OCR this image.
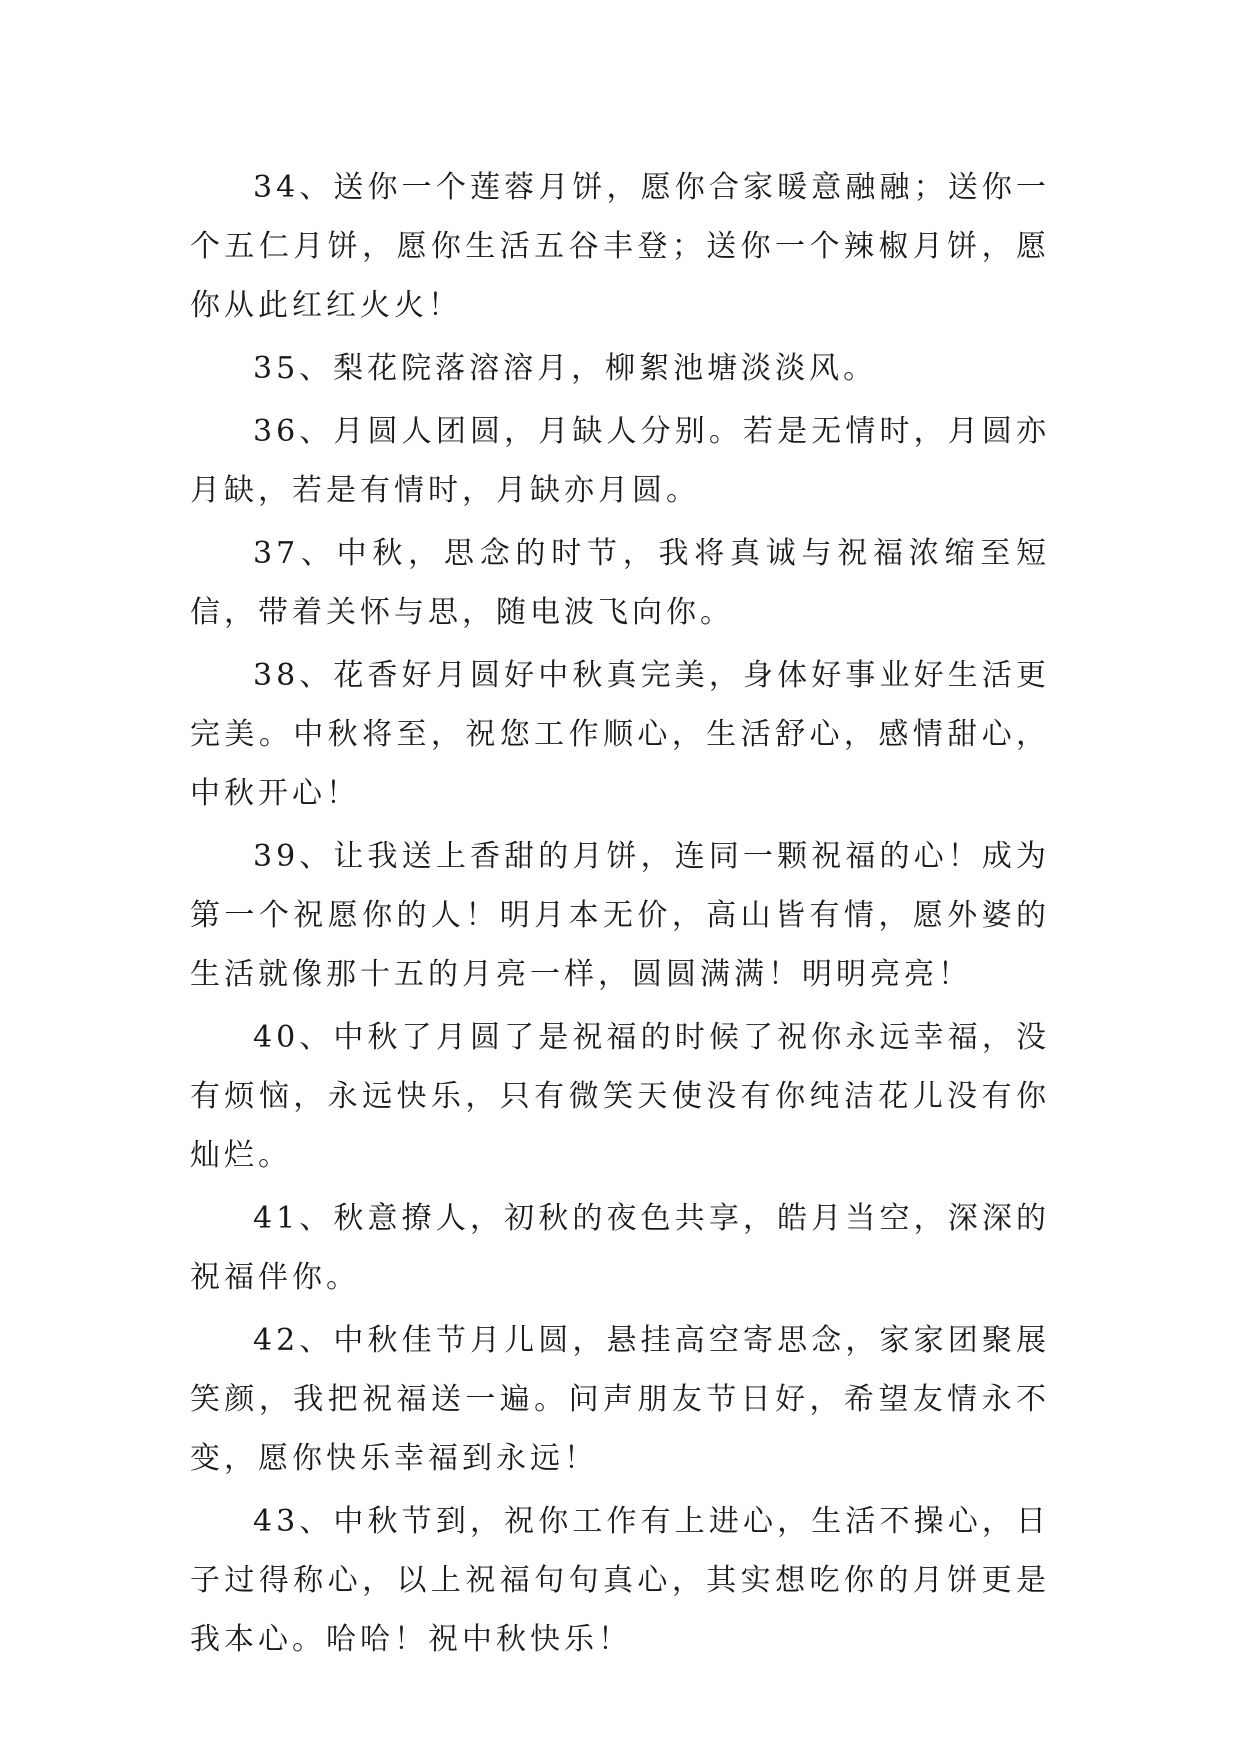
34、送你一个莲蓉月饼，愿你合家暖意融融；送你一个五仁月饼，愿你生活五谷丰登；送你一个辣椒月饼，愿你从此红红火火！

35、梨花院落溶溶月，柳絮池塘淡淡风。

36、月圆人团圆，月缺人分别。若是无情时，月圆亦月缺，若是有情时，月缺亦月圆。

37、中秋，思念的时节，我将真诚与祝福浓缩至短信，带着关怀与思，随电波飞向你。

38、花香好月圆好中秋真完美，身体好事业好生活更完美。中秋将至，祝您工作顺心，生活舒心，感情甜心，中秋开心！

39、让我送上香甜的月饼，连同一颗祝福的心！成为第一个祝愿你的人！明月本无价，高山皆有情，愿外婆的生活就像那十五的月亮一样，圆圆满满！明明亮亮！

40、中秋了月圆了是祝福的时候了祝你永远幸福，没有烦恼，永远快乐，只有微笑天使没有你纯洁花儿没有你灿烂。

41、秋意撩人，初秋的夜色共享，皓月当空，深深的祝福伴你。

42、中秋佳节月儿圆，悬挂高空寄思念，家家团聚展笑颜，我把祝福送一遍。问声朋友节日好，希望友情永不变，愿你快乐幸福到永远！

43、中秋节到，祝你工作有上进心，生活不操心，日子过得称心，以上祝福句句真心，其实想吃你的月饼更是我本心。哈哈！祝中秋快乐！
